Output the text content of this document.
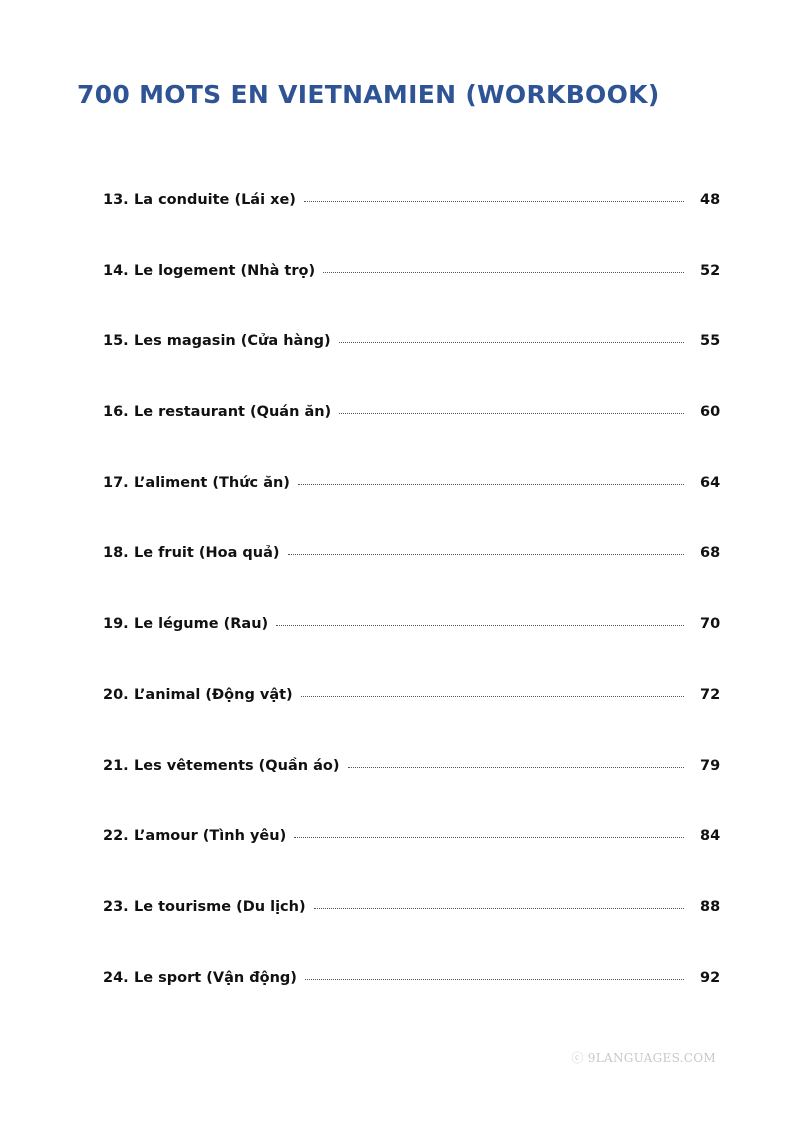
700 MOTS EN VIETNAMIEN (WORKBOOK)
13. La conduite (Lái xe)	48
14. Le logement (Nhà trọ)	52
15. Les magasin (Cửa hàng)	55
16. Le restaurant (Quán ăn)	60
17. L’aliment (Thức ăn)	64
18. Le fruit (Hoa quả)	68
19. Le légume (Rau)	70
20. L’animal (Động vật)	72
21. Les vêtements (Quần áo)	79
22. L’amour (Tình yêu)	84
23. Le tourisme (Du lịch)	88
24. Le sport (Vận động)	92
ⓒ 9LANGUAGES.COM
